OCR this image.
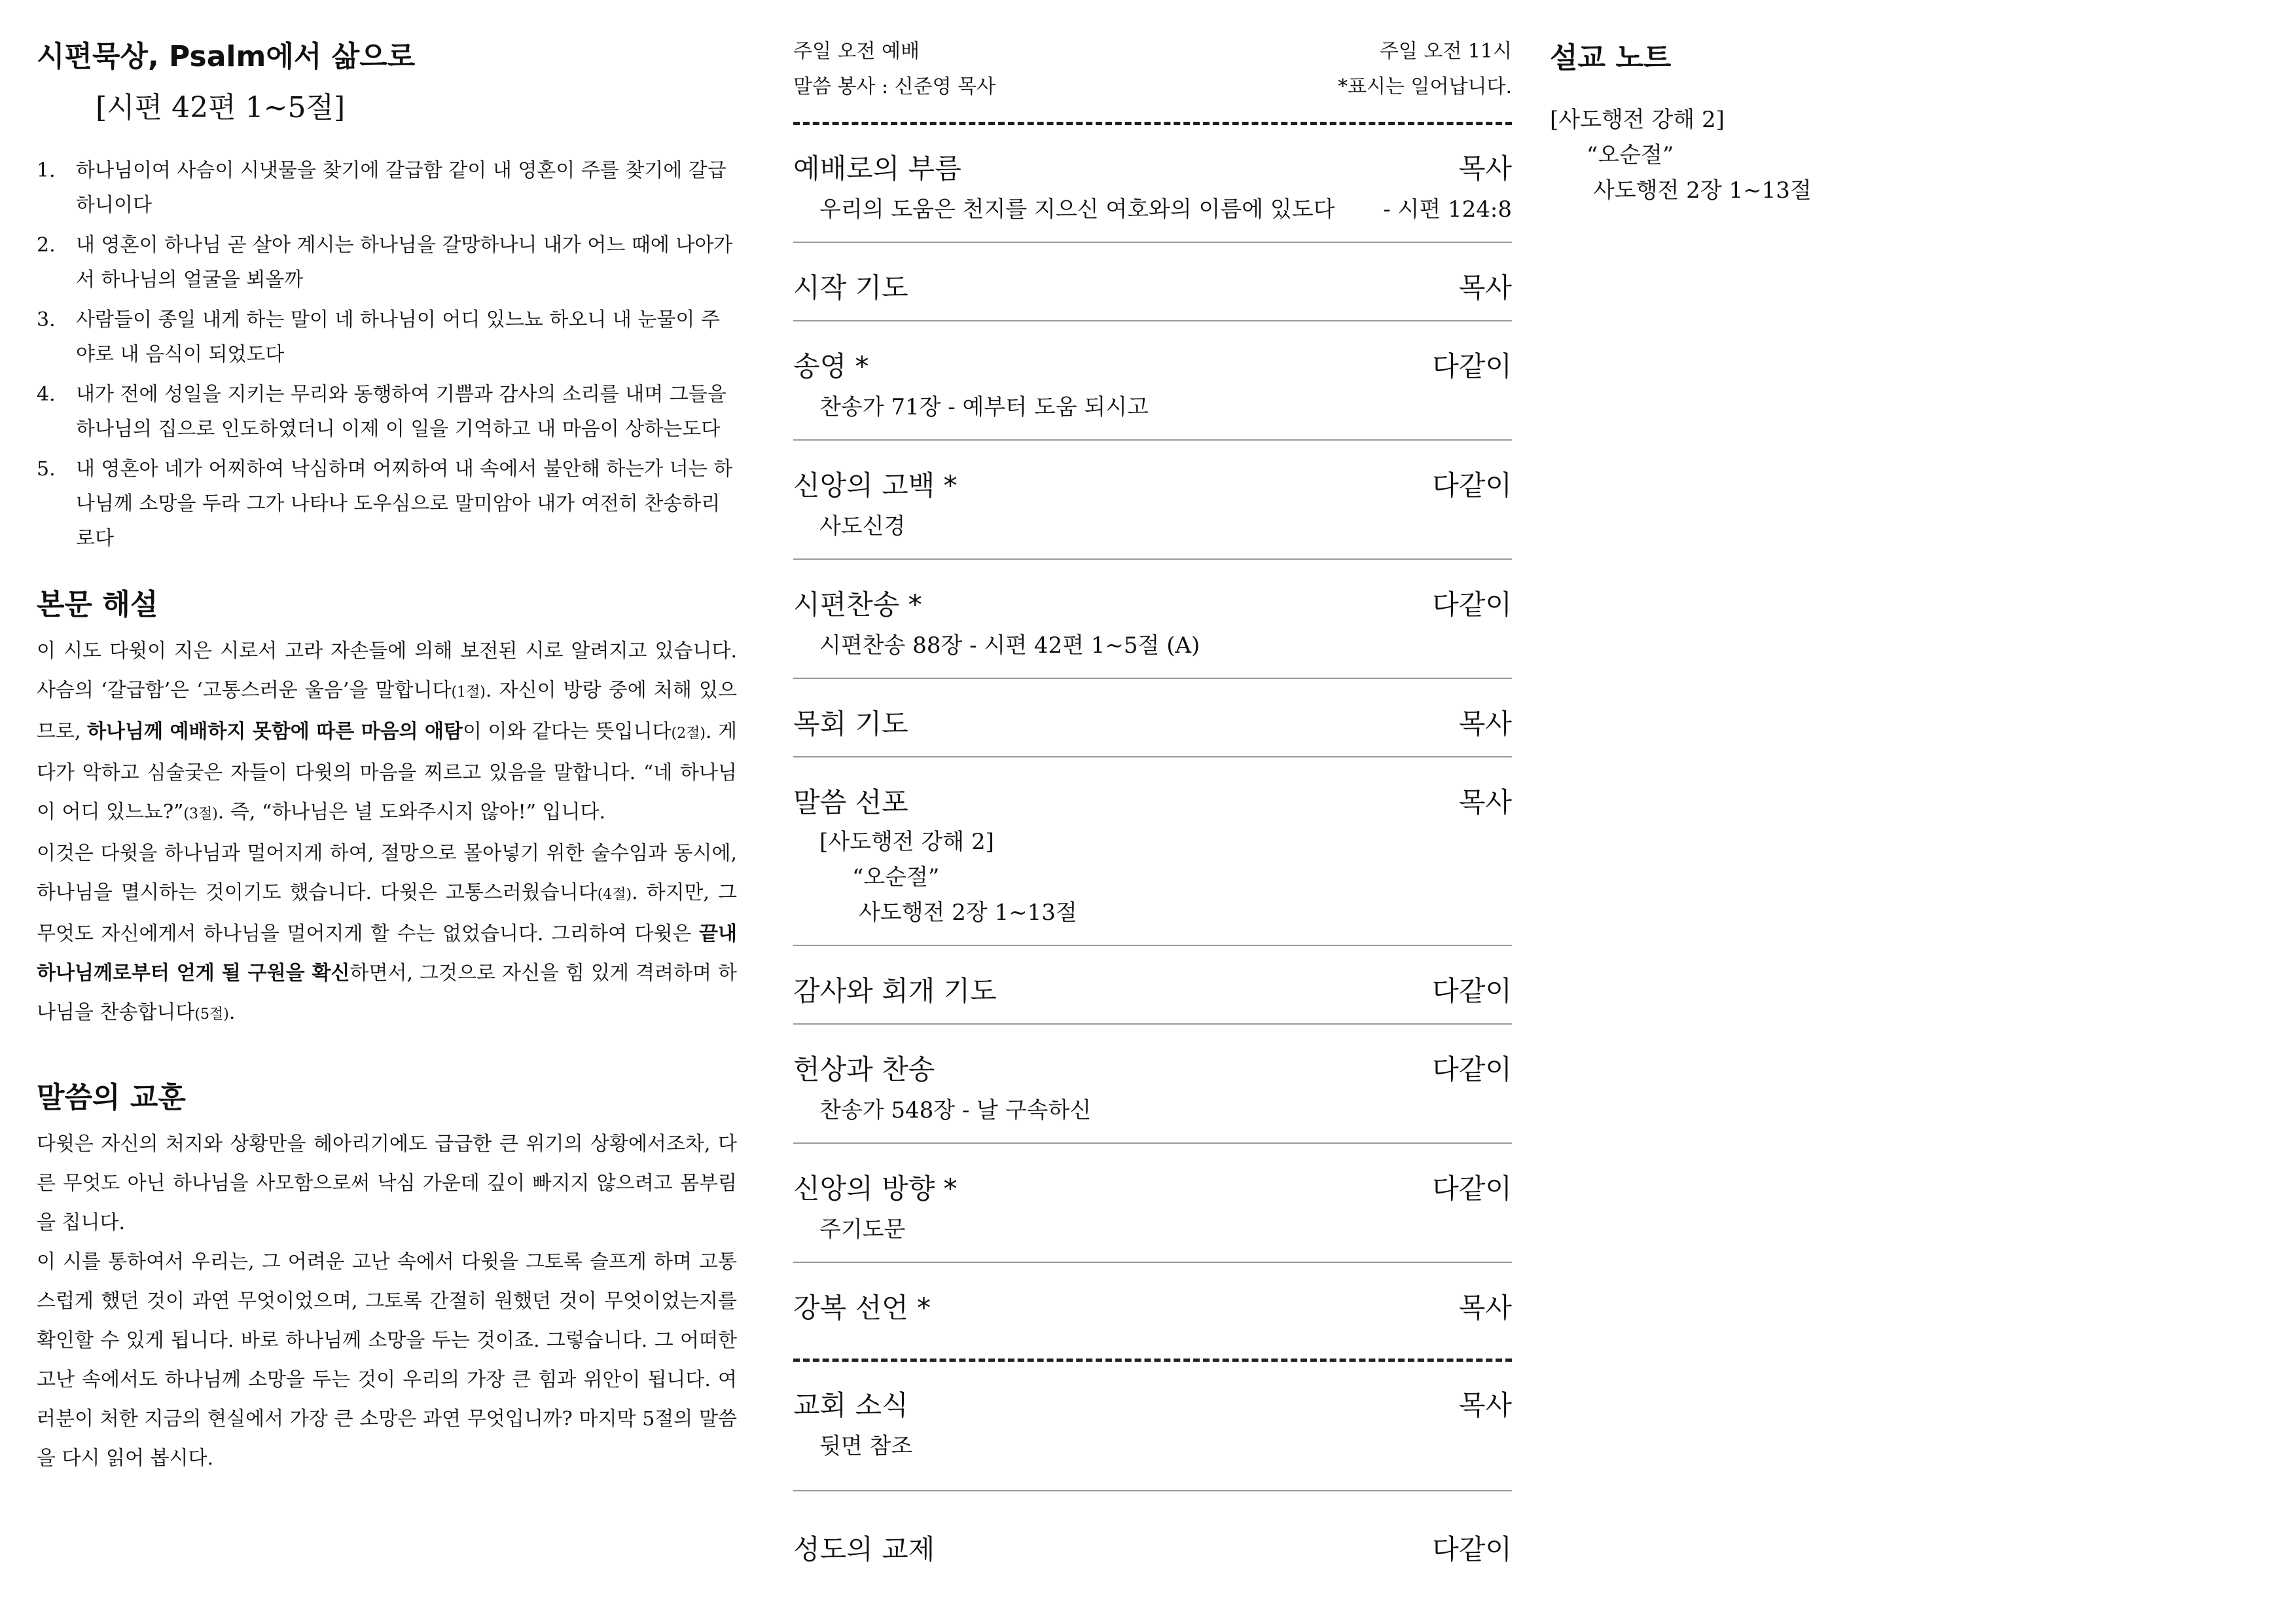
시편묵상, Psalm에서 삶으로
[시편 42편 1~5절]
1.	하나님이여 사슴이 시냇물을 찾기에 갈급함 같이 내 영혼이 주를 찾기에 갈급하니이다
2.	내 영혼이 하나님 곧 살아 계시는 하나님을 갈망하나니 내가 어느 때에 나아가서 하나님의 얼굴을 뵈올까
3.	사람들이 종일 내게 하는 말이 네 하나님이 어디 있느뇨 하오니 내 눈물이 주야로 내 음식이 되었도다
4.	내가 전에 성일을 지키는 무리와 동행하여 기쁨과 감사의 소리를 내며 그들을 하나님의 집으로 인도하였더니 이제 이 일을 기억하고 내 마음이 상하는도다
5.	내 영혼아 네가 어찌하여 낙심하며 어찌하여 내 속에서 불안해 하는가 너는 하나님께 소망을 두라 그가 나타나 도우심으로 말미암아 내가 여전히 찬송하리로다
본문 해설

이 시도 다윗이 지은 시로서 고라 자손들에 의해 보전된 시로 알려지고 있습니다. 사슴의 ‘갈급함’은 ‘고통스러운 울음’을 말합니다(1절). 자신이 방랑 중에 처해 있으므로, 하나님께 예배하지 못함에 따른 마음의 애탐이 이와 같다는 뜻입니다(2절). 게다가 악하고 심술궂은 자들이 다윗의 마음을 찌르고 있음을 말합니다. “네 하나님이 어디 있느뇨?”(3절). 즉, “하나님은 널 도와주시지 않아!” 입니다.

이것은 다윗을 하나님과 멀어지게 하여, 절망으로 몰아넣기 위한 술수임과 동시에, 하나님을 멸시하는 것이기도 했습니다. 다윗은 고통스러웠습니다(4절). 하지만, 그 무엇도 자신에게서 하나님을 멀어지게 할 수는 없었습니다. 그리하여 다윗은 끝내 하나님께로부터 얻게 될 구원을 확신하면서, 그것으로 자신을 힘 있게 격려하며 하나님을 찬송합니다(5절).

말씀의 교훈

다윗은 자신의 처지와 상황만을 헤아리기에도 급급한 큰 위기의 상황에서조차, 다른 무엇도 아닌 하나님을 사모함으로써 낙심 가운데 깊이 빠지지 않으려고 몸부림을 칩니다.

이 시를 통하여서 우리는, 그 어려운 고난 속에서 다윗을 그토록 슬프게 하며 고통스럽게 했던 것이 과연 무엇이었으며, 그토록 간절히 원했던 것이 무엇이었는지를 확인할 수 있게 됩니다. 바로 하나님께 소망을 두는 것이죠. 그렇습니다. 그 어떠한 고난 속에서도 하나님께 소망을 두는 것이 우리의 가장 큰 힘과 위안이 됩니다. 여러분이 처한 지금의 현실에서 가장 큰 소망은 과연 무엇입니까? 마지막 5절의 말씀을 다시 읽어 봅시다.

주일 오전 예배	주일 오전 11시
말씀 봉사 : 신준영 목사	*표시는 일어납니다.
예배로의 부름	목사
우리의 도움은 천지를 지으신 여호와의 이름에 있도다 - 시편 124:8
시작 기도	목사
송영 *	다같이
찬송가 71장 - 예부터 도움 되시고
신앙의 고백 *	다같이
사도신경
시편찬송 *	다같이
시편찬송 88장 - 시편 42편 1~5절 (A)
목회 기도	목사
말씀 선포	목사
[사도행전 강해 2]
“오순절”
사도행전 2장 1~13절
감사와 회개 기도	다같이
헌상과 찬송	다같이
찬송가 548장 - 날 구속하신
신앙의 방향 *	다같이
주기도문
강복 선언 *	목사
교회 소식	목사
뒷면 참조
성도의 교제	다같이
설교 노트
[사도행전 강해 2]
“오순절”
사도행전 2장 1~13절
